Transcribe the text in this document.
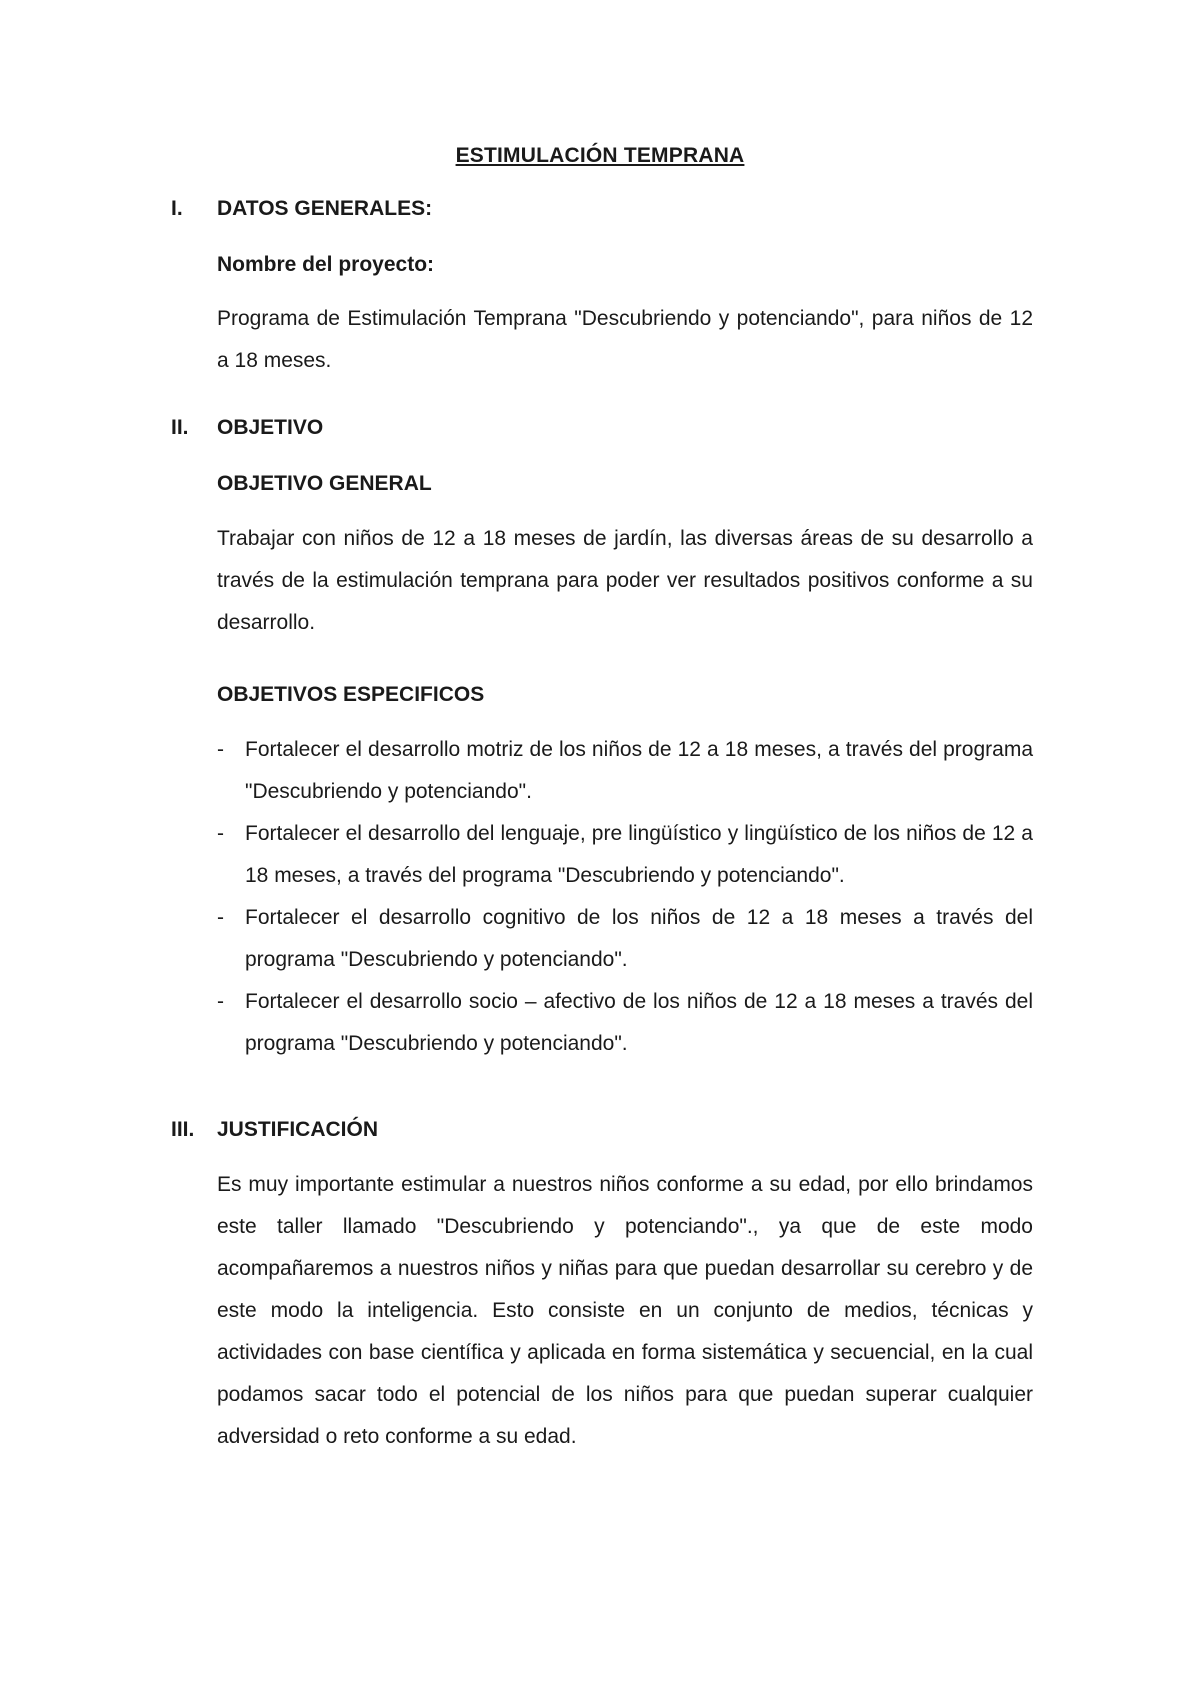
ESTIMULACIÓN TEMPRANA
I. DATOS GENERALES:
Nombre del proyecto:
Programa de Estimulación Temprana "Descubriendo y potenciando", para niños de 12 a 18 meses.
II. OBJETIVO
OBJETIVO GENERAL
Trabajar con niños de 12 a 18 meses de jardín, las diversas áreas de su desarrollo a través de la estimulación temprana para poder ver resultados positivos conforme a su desarrollo.
OBJETIVOS ESPECIFICOS
- Fortalecer el desarrollo motriz de los niños de 12 a 18 meses, a través del programa "Descubriendo y potenciando".
- Fortalecer el desarrollo del lenguaje, pre lingüístico y lingüístico de los niños de 12 a 18 meses, a través del programa "Descubriendo y potenciando".
- Fortalecer el desarrollo cognitivo de los niños de 12 a 18 meses a través del programa "Descubriendo y potenciando".
- Fortalecer el desarrollo socio – afectivo de los niños de 12 a 18 meses a través del programa "Descubriendo y potenciando".
III. JUSTIFICACIÓN
Es muy importante estimular a nuestros niños conforme a su edad, por ello brindamos este taller llamado "Descubriendo y potenciando"., ya que de este modo acompañaremos a nuestros niños y niñas para que puedan desarrollar su cerebro y de este modo la inteligencia. Esto consiste en un conjunto de medios, técnicas y actividades con base científica y aplicada en forma sistemática y secuencial, en la cual podamos sacar todo el potencial de los niños para que puedan superar cualquier adversidad o reto conforme a su edad.
